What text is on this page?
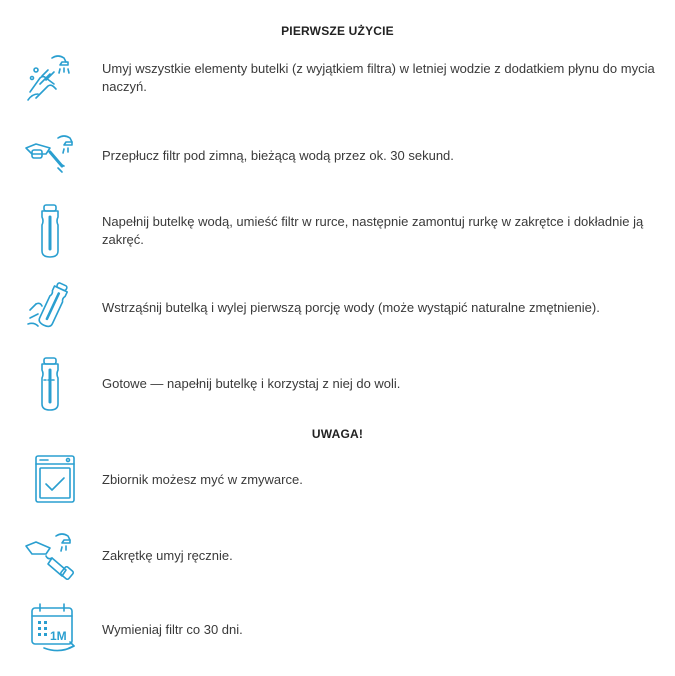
PIERWSZE UŻYCIE
Umyj wszystkie elementy butelki (z wyjątkiem filtra) w letniej wodzie z dodatkiem płynu do mycia naczyń.
Przepłucz filtr pod zimną, bieżącą wodą przez ok. 30 sekund.
Napełnij butelkę wodą, umieść filtr w rurce, następnie zamontuj rurkę w zakrętce i dokładnie ją zakręć.
Wstrząśnij butelką i wylej pierwszą porcję wody (może wystąpić naturalne zmętnienie).
Gotowe — napełnij butelkę i korzystaj z niej do woli.
UWAGA!
Zbiornik możesz myć w zmywarce.
Zakrętkę umyj ręcznie.
1M	Wymieniaj filtr co 30 dni.
